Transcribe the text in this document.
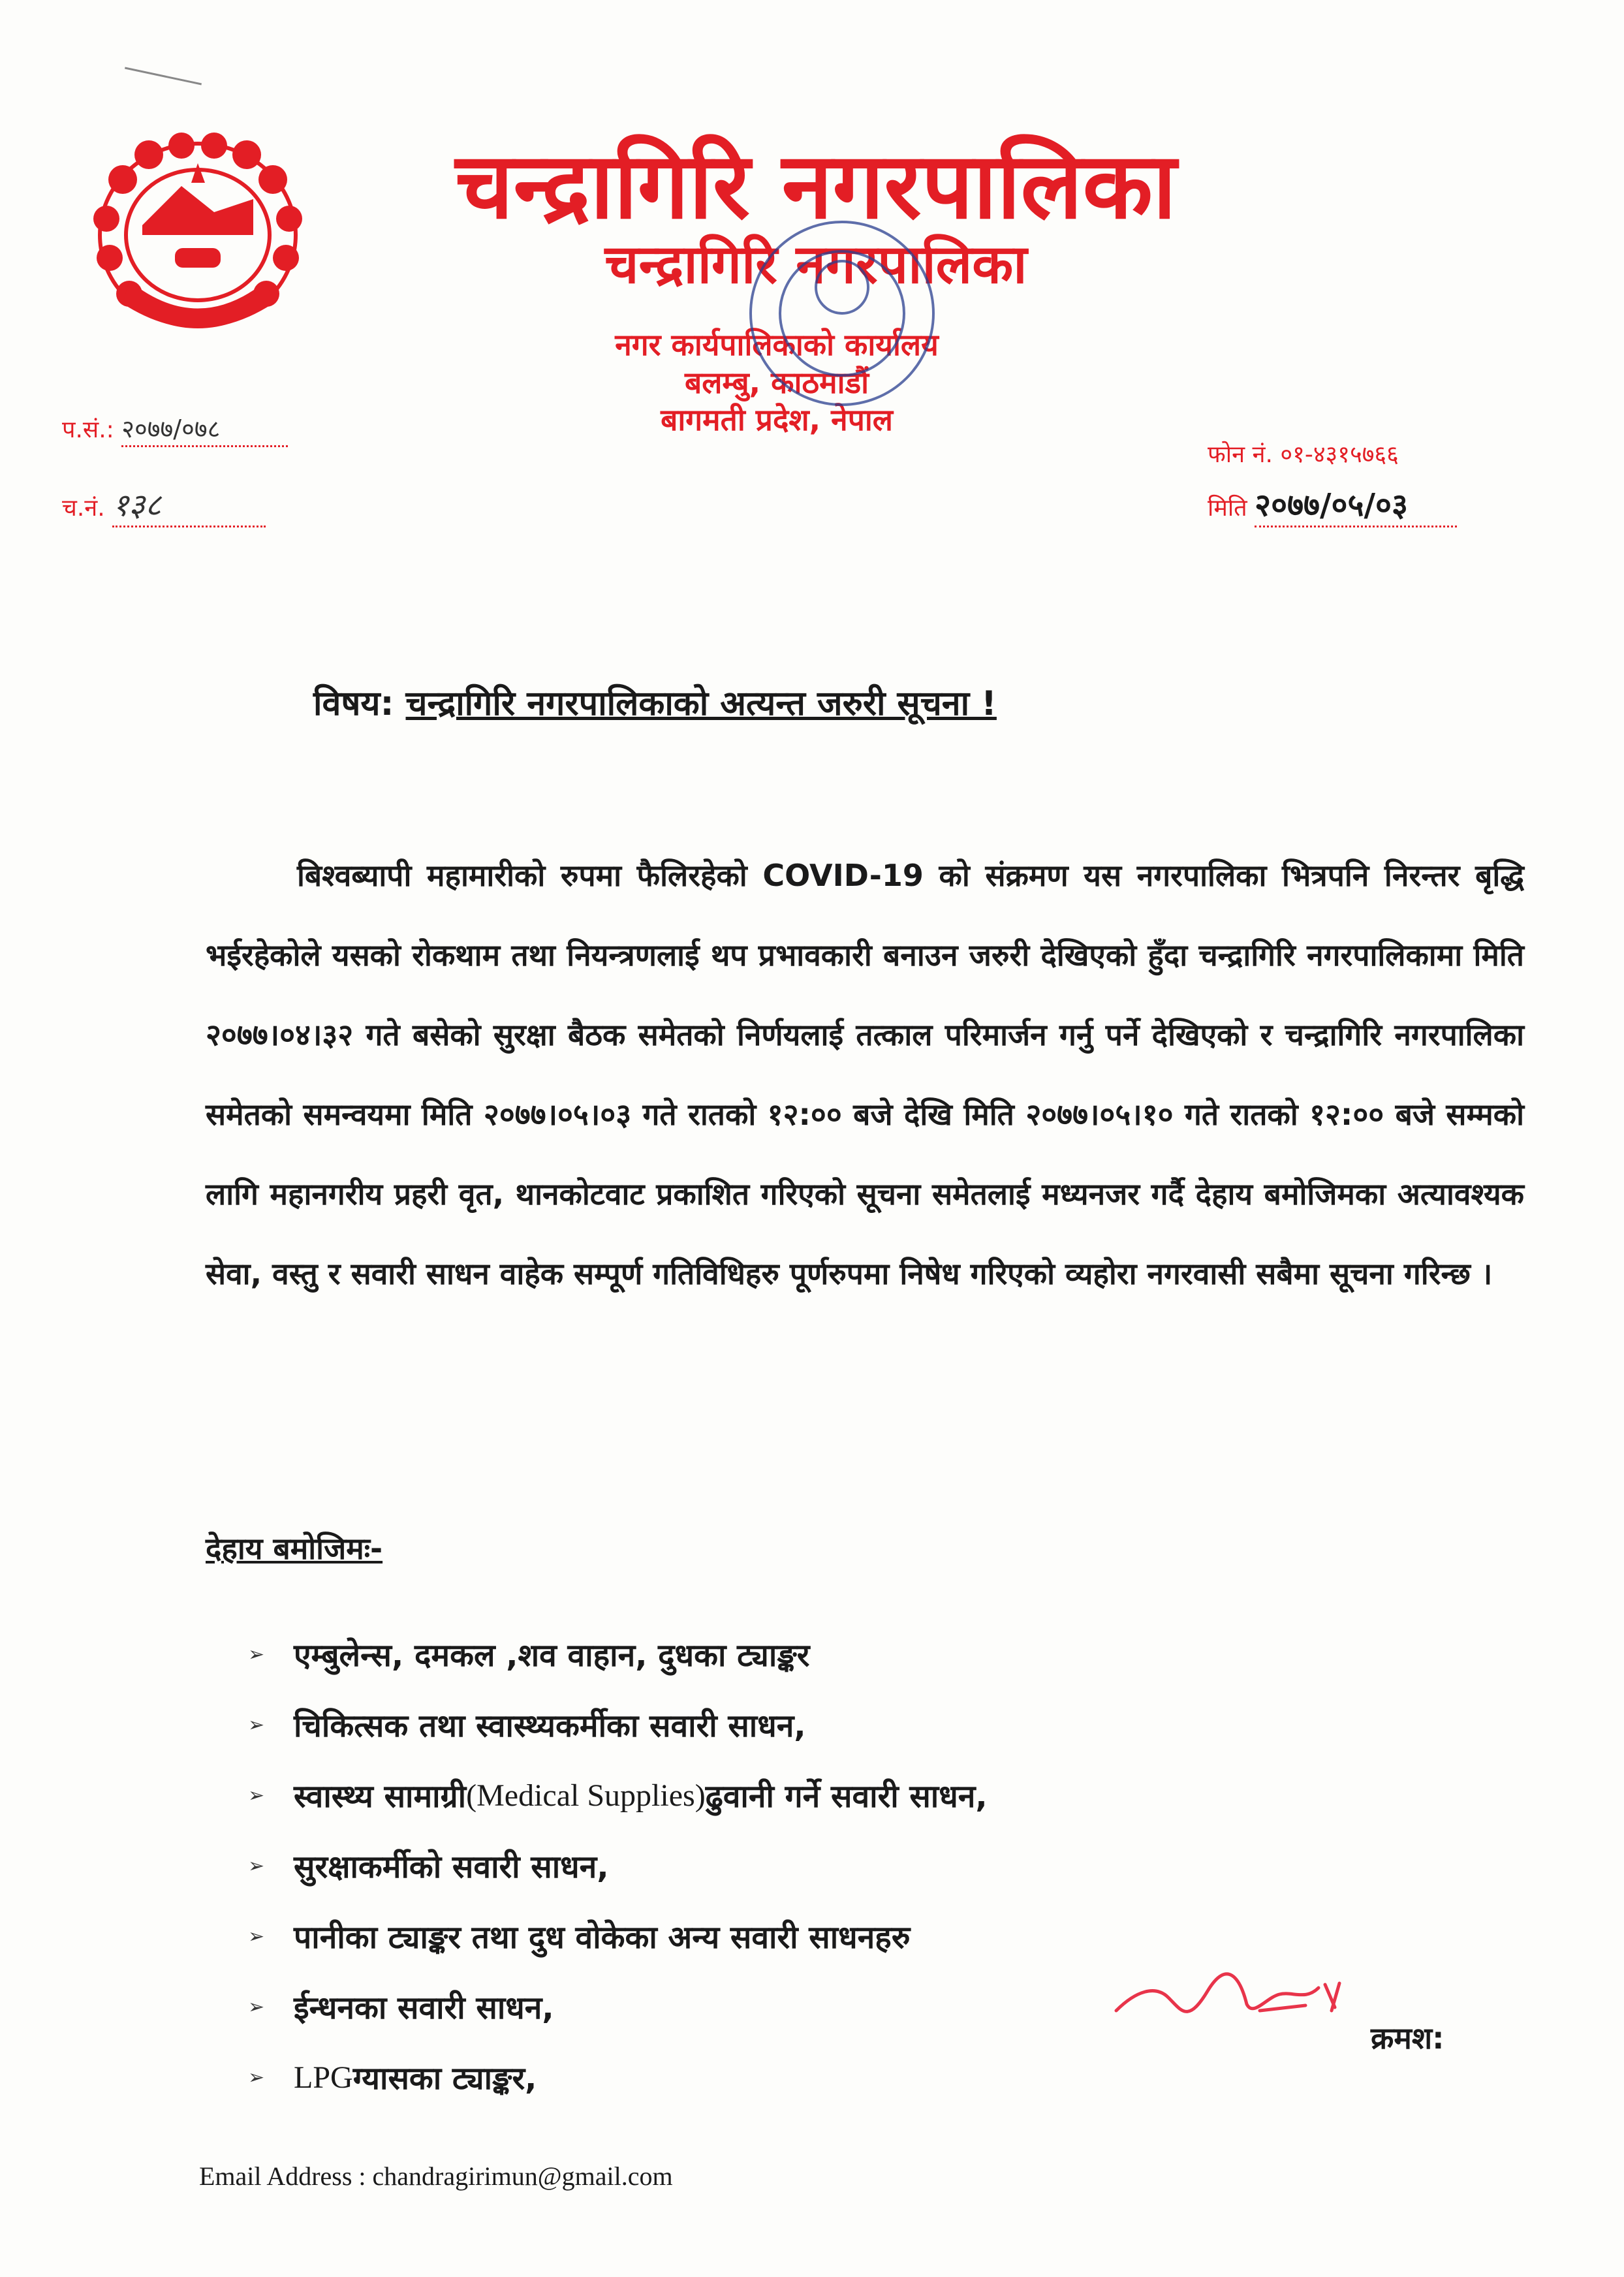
चन्द्रागिरि नगरपालिका
चन्द्रागिरि नगरपालिका
नगर कार्यपालिकाको कार्यालय
बलम्बु, काठमाडौं
बागमती प्रदेश, नेपाल
प.सं.: २०७७/०७८
च.नं. १३८
फोन नं. ०१-४३१५७६६
मिति २०७७/०५/०३
विषय: चन्द्रागिरि नगरपालिकाको अत्यन्त जरुरी सूचना !
बिश्वब्यापी महामारीको रुपमा फैलिरहेको COVID-19 को संक्रमण यस नगरपालिका भित्रपनि निरन्तर बृद्धि भईरहेकोले यसको रोकथाम तथा नियन्त्रणलाई थप प्रभावकारी बनाउन जरुरी देखिएको हुँदा चन्द्रागिरि नगरपालिकामा मिति २०७७।०४।३२ गते बसेको सुरक्षा बैठक समेतको निर्णयलाई तत्काल परिमार्जन गर्नु पर्ने देखिएको र चन्द्रागिरि नगरपालिका समेतको समन्वयमा मिति २०७७।०५।०३ गते रातको १२:०० बजे देखि मिति २०७७।०५।१० गते रातको १२:०० बजे सम्मको लागि महानगरीय प्रहरी वृत, थानकोटवाट प्रकाशित गरिएको सूचना समेतलाई मध्यनजर गर्दै देहाय बमोजिमका अत्यावश्यक सेवा, वस्तु र सवारी साधन वाहेक सम्पूर्ण गतिविधिहरु पूर्णरुपमा निषेध गरिएको व्यहोरा नगरवासी सबैमा सूचना गरिन्छ ।
देहाय बमोजिमः-
➢ एम्बुलेन्स, दमकल ,शव वाहान, दुधका ट्याङ्कर
➢ चिकित्सक तथा स्वास्थ्यकर्मीका सवारी साधन,
➢ स्वास्थ्य सामाग्री (Medical Supplies) ढुवानी गर्ने सवारी साधन,
➢ सुरक्षाकर्मीको सवारी साधन,
➢ पानीका ट्याङ्कर तथा दुध वोकेका अन्य सवारी साधनहरु
➢ ईन्धनका सवारी साधन,
➢ LPG ग्यासका ट्याङ्कर,
क्रमश:
Email Address : chandragirimun@gmail.com
